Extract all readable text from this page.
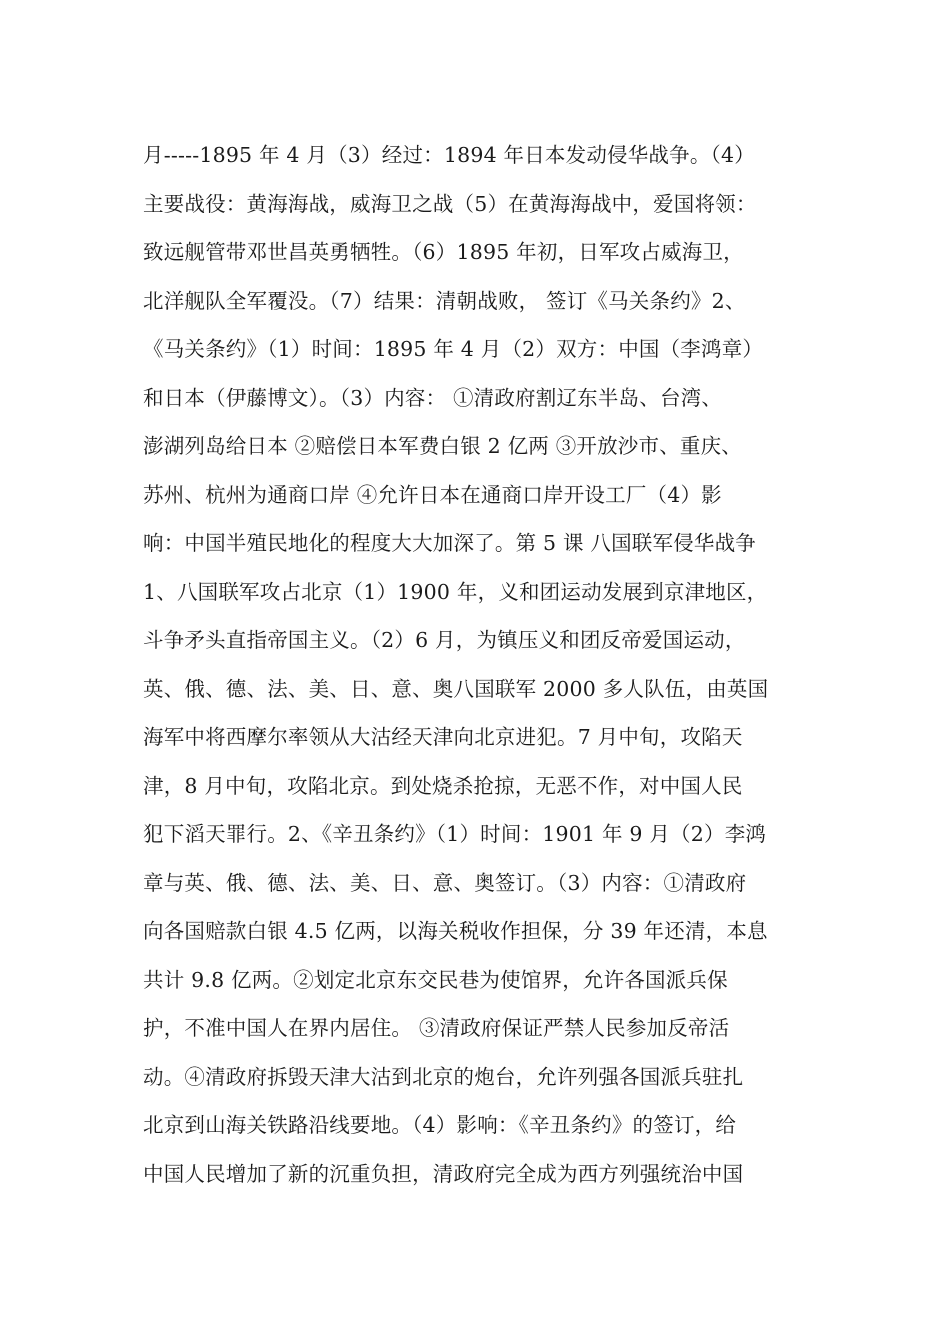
月-----1895 年 4 月（3）经过：1894 年日本发动侵华战争。（4）
主要战役：黄海海战，威海卫之战（5）在黄海海战中，爱国将领：
致远舰管带邓世昌英勇牺牲。（6）1895 年初，日军攻占威海卫，
北洋舰队全军覆没。（7）结果：清朝战败， 签订《马关条约》2、
《马关条约》（1）时间：1895 年 4 月（2）双方：中国（李鸿章）
和日本（伊藤博文）。（3）内容： ①清政府割辽东半岛、台湾、
澎湖列岛给日本 ②赔偿日本军费白银 2 亿两 ③开放沙市、重庆、
苏州、杭州为通商口岸 ④允许日本在通商口岸开设工厂（4）影
响：中国半殖民地化的程度大大加深了。第 5 课 八国联军侵华战争
1、八国联军攻占北京（1）1900 年，义和团运动发展到京津地区，
斗争矛头直指帝国主义。（2）6 月，为镇压义和团反帝爱国运动，
英、俄、德、法、美、日、意、奥八国联军 2000 多人队伍，由英国
海军中将西摩尔率领从大沽经天津向北京进犯。7 月中旬，攻陷天
津，8 月中旬，攻陷北京。到处烧杀抢掠，无恶不作，对中国人民
犯下滔天罪行。2、《辛丑条约》（1）时间：1901 年 9 月（2）李鸿
章与英、俄、德、法、美、日、意、奥签订。（3）内容：①清政府
向各国赔款白银 4.5 亿两，以海关税收作担保，分 39 年还清，本息
共计 9.8 亿两。②划定北京东交民巷为使馆界，允许各国派兵保
护，不准中国人在界内居住。 ③清政府保证严禁人民参加反帝活
动。④清政府拆毁天津大沽到北京的炮台，允许列强各国派兵驻扎
北京到山海关铁路沿线要地。（4）影响：《辛丑条约》的签订，给
中国人民增加了新的沉重负担，清政府完全成为西方列强统治中国
